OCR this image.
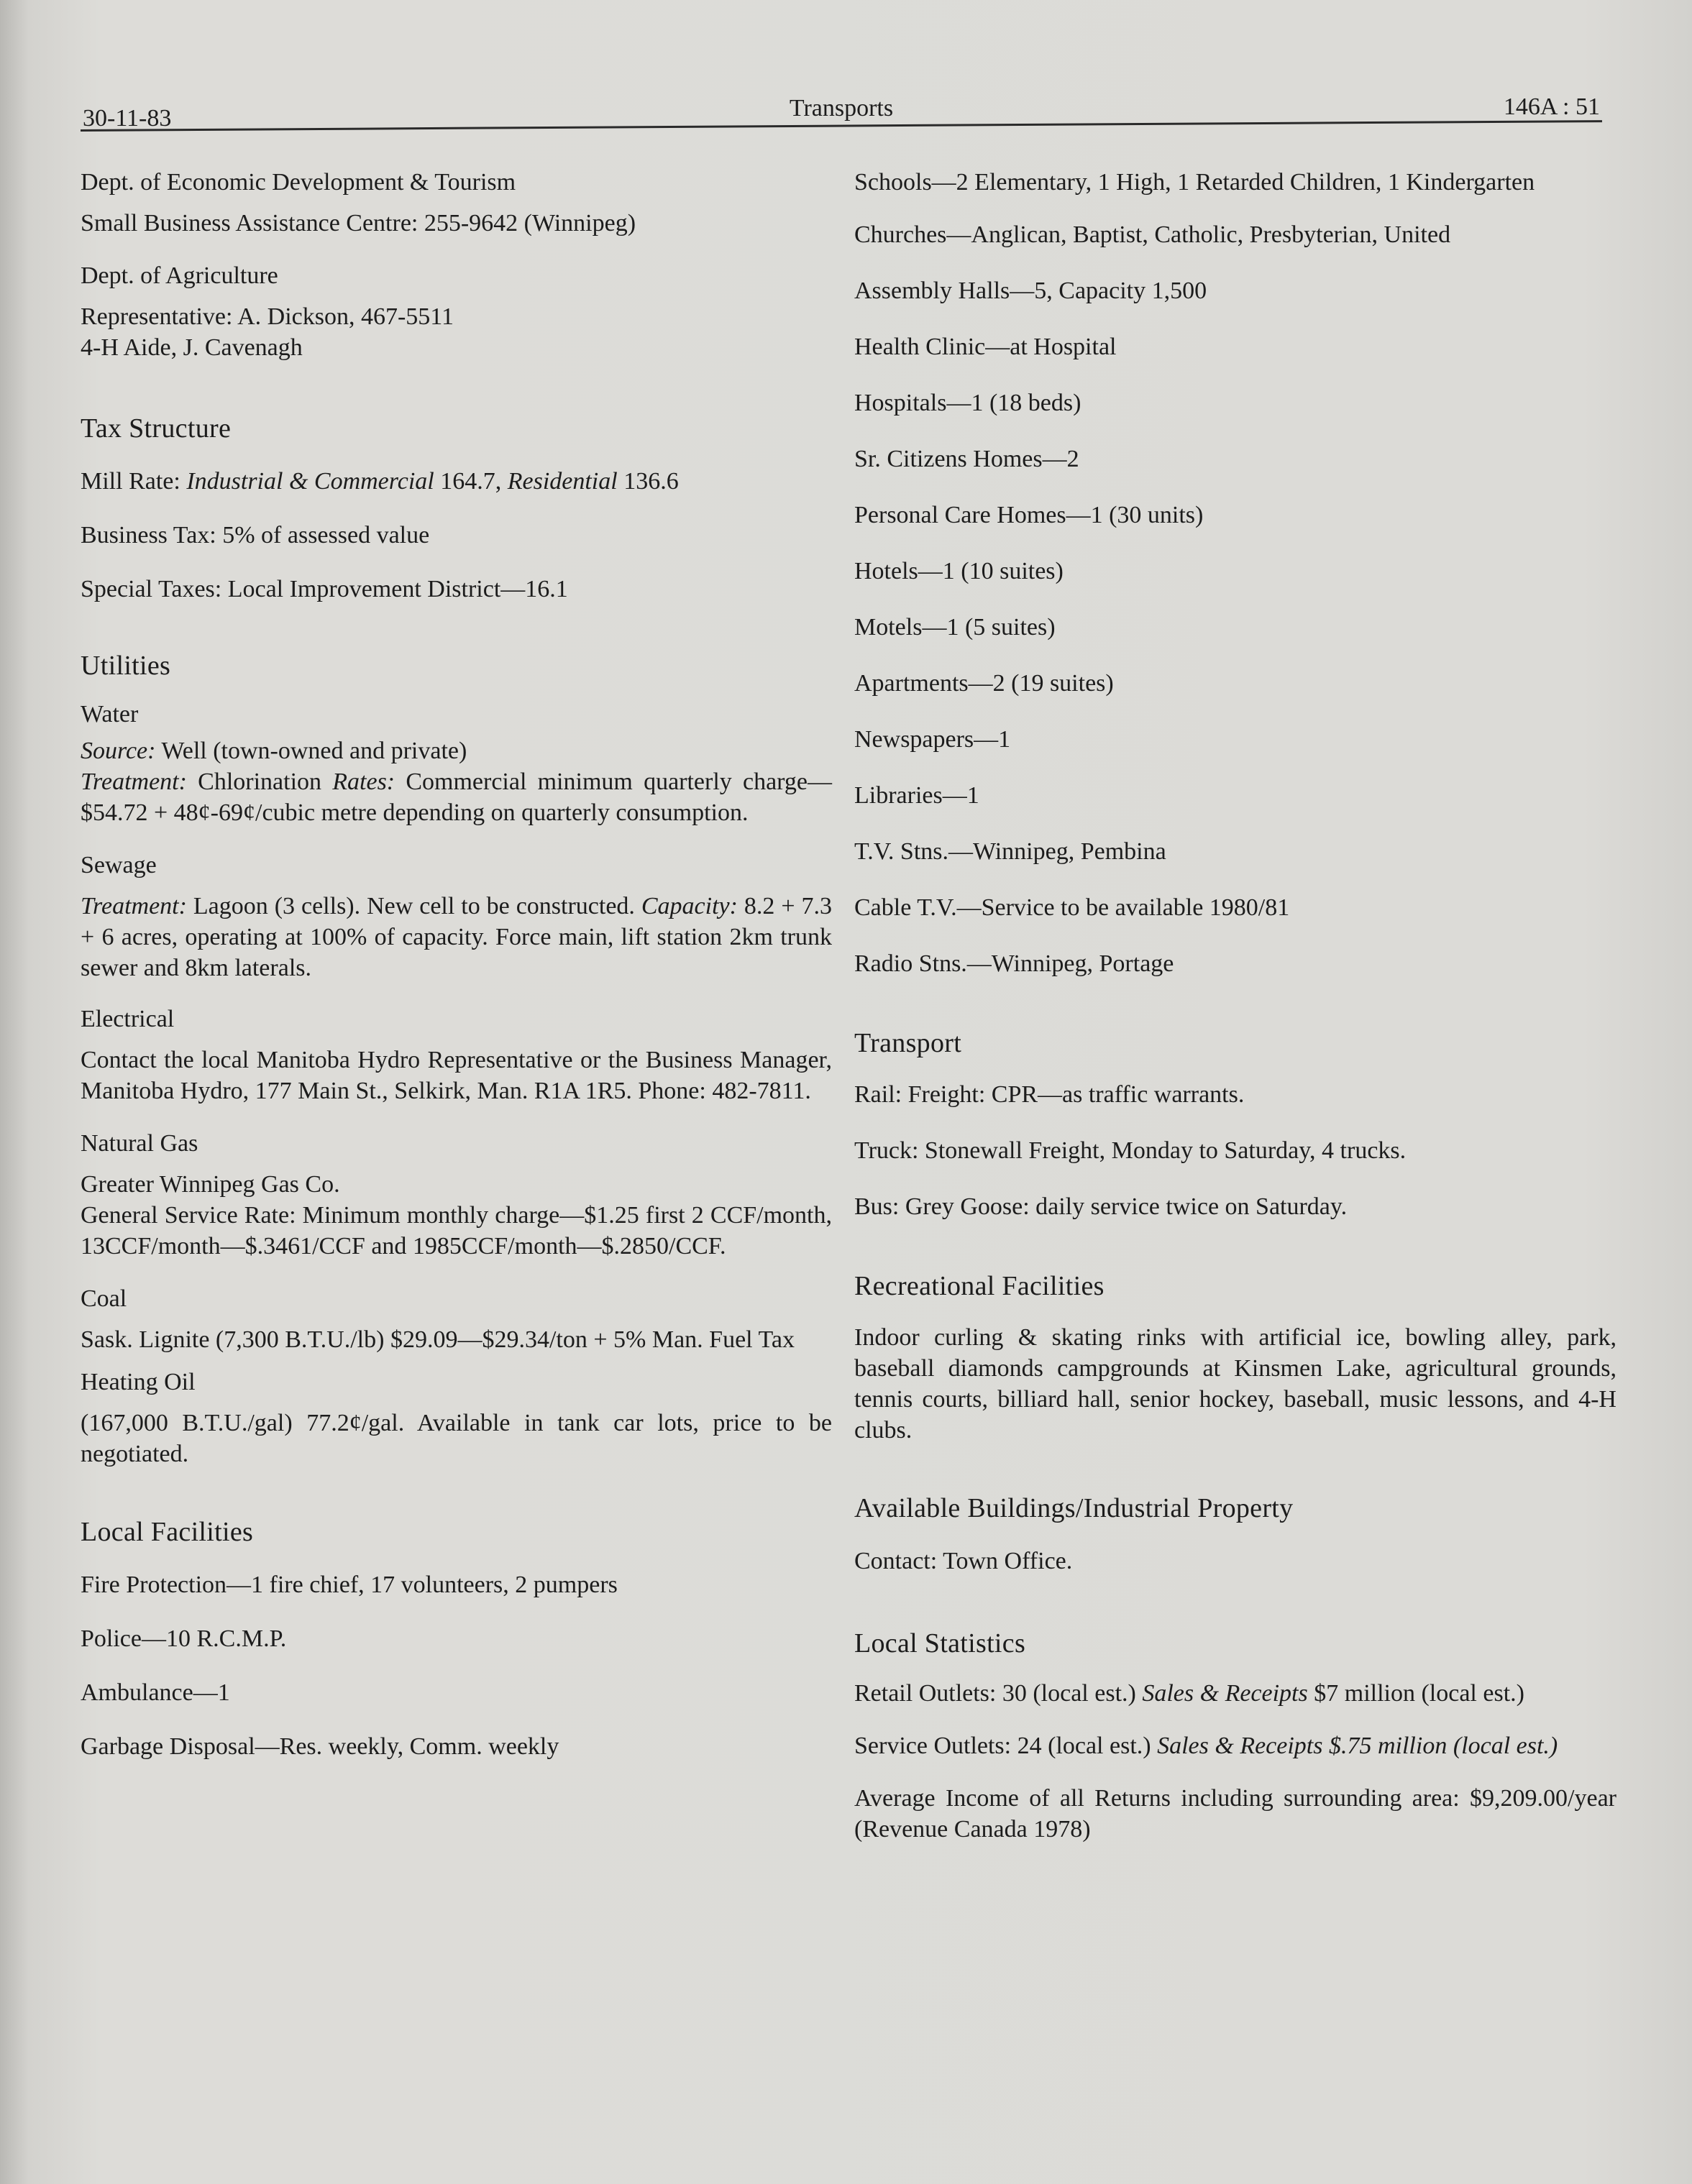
30-11-83	Transports	146A : 51

Dept. of Economic Development & Tourism

Small Business Assistance Centre: 255-9642 (Winnipeg)

Dept. of Agriculture

Representative: A. Dickson, 467-5511

4-H Aide, J. Cavenagh

Tax Structure

Mill Rate: Industrial & Commercial 164.7, Residential 136.6

Business Tax: 5% of assessed value

Special Taxes: Local Improvement District—16.1

Utilities

Water

Source: Well (town-owned and private)

Treatment: Chlorination Rates: Commercial minimum quarterly charge—$54.72 + 48¢-69¢/cubic metre depending on quarterly consumption.

Sewage

Treatment: Lagoon (3 cells). New cell to be constructed. Capacity: 8.2 + 7.3 + 6 acres, operating at 100% of capacity. Force main, lift station 2km trunk sewer and 8km laterals.

Electrical

Contact the local Manitoba Hydro Representative or the Business Manager, Manitoba Hydro, 177 Main St., Selkirk, Man. R1A 1R5. Phone: 482-7811.

Natural Gas

Greater Winnipeg Gas Co.

General Service Rate: Minimum monthly charge—$1.25 first 2 CCF/month, 13CCF/month—$.3461/CCF and 1985CCF/month—$.2850/CCF.

Coal

Sask. Lignite (7,300 B.T.U./lb) $29.09—$29.34/ton + 5% Man. Fuel Tax

Heating Oil

(167,000 B.T.U./gal) 77.2¢/gal. Available in tank car lots, price to be negotiated.

Local Facilities

Fire Protection—1 fire chief, 17 volunteers, 2 pumpers

Police—10 R.C.M.P.

Ambulance—1

Garbage Disposal—Res. weekly, Comm. weekly

Schools—2 Elementary, 1 High, 1 Retarded Children, 1 Kindergarten

Churches—Anglican, Baptist, Catholic, Presbyterian, United

Assembly Halls—5, Capacity 1,500

Health Clinic—at Hospital

Hospitals—1 (18 beds)

Sr. Citizens Homes—2

Personal Care Homes—1 (30 units)

Hotels—1 (10 suites)

Motels—1 (5 suites)

Apartments—2 (19 suites)

Newspapers—1

Libraries—1

T.V. Stns.—Winnipeg, Pembina

Cable T.V.—Service to be available 1980/81

Radio Stns.—Winnipeg, Portage

Transport

Rail: Freight: CPR—as traffic warrants.

Truck: Stonewall Freight, Monday to Saturday, 4 trucks.

Bus: Grey Goose: daily service twice on Saturday.

Recreational Facilities

Indoor curling & skating rinks with artificial ice, bowling alley, park, baseball diamonds campgrounds at Kinsmen Lake, agricultural grounds, tennis courts, billiard hall, senior hockey, baseball, music lessons, and 4-H clubs.

Available Buildings/Industrial Property

Contact: Town Office.

Local Statistics

Retail Outlets: 30 (local est.) Sales & Receipts $7 million (local est.)

Service Outlets: 24 (local est.) Sales & Receipts $.75 million (local est.)

Average Income of all Returns including surrounding area: $9,209.00/year (Revenue Canada 1978)
